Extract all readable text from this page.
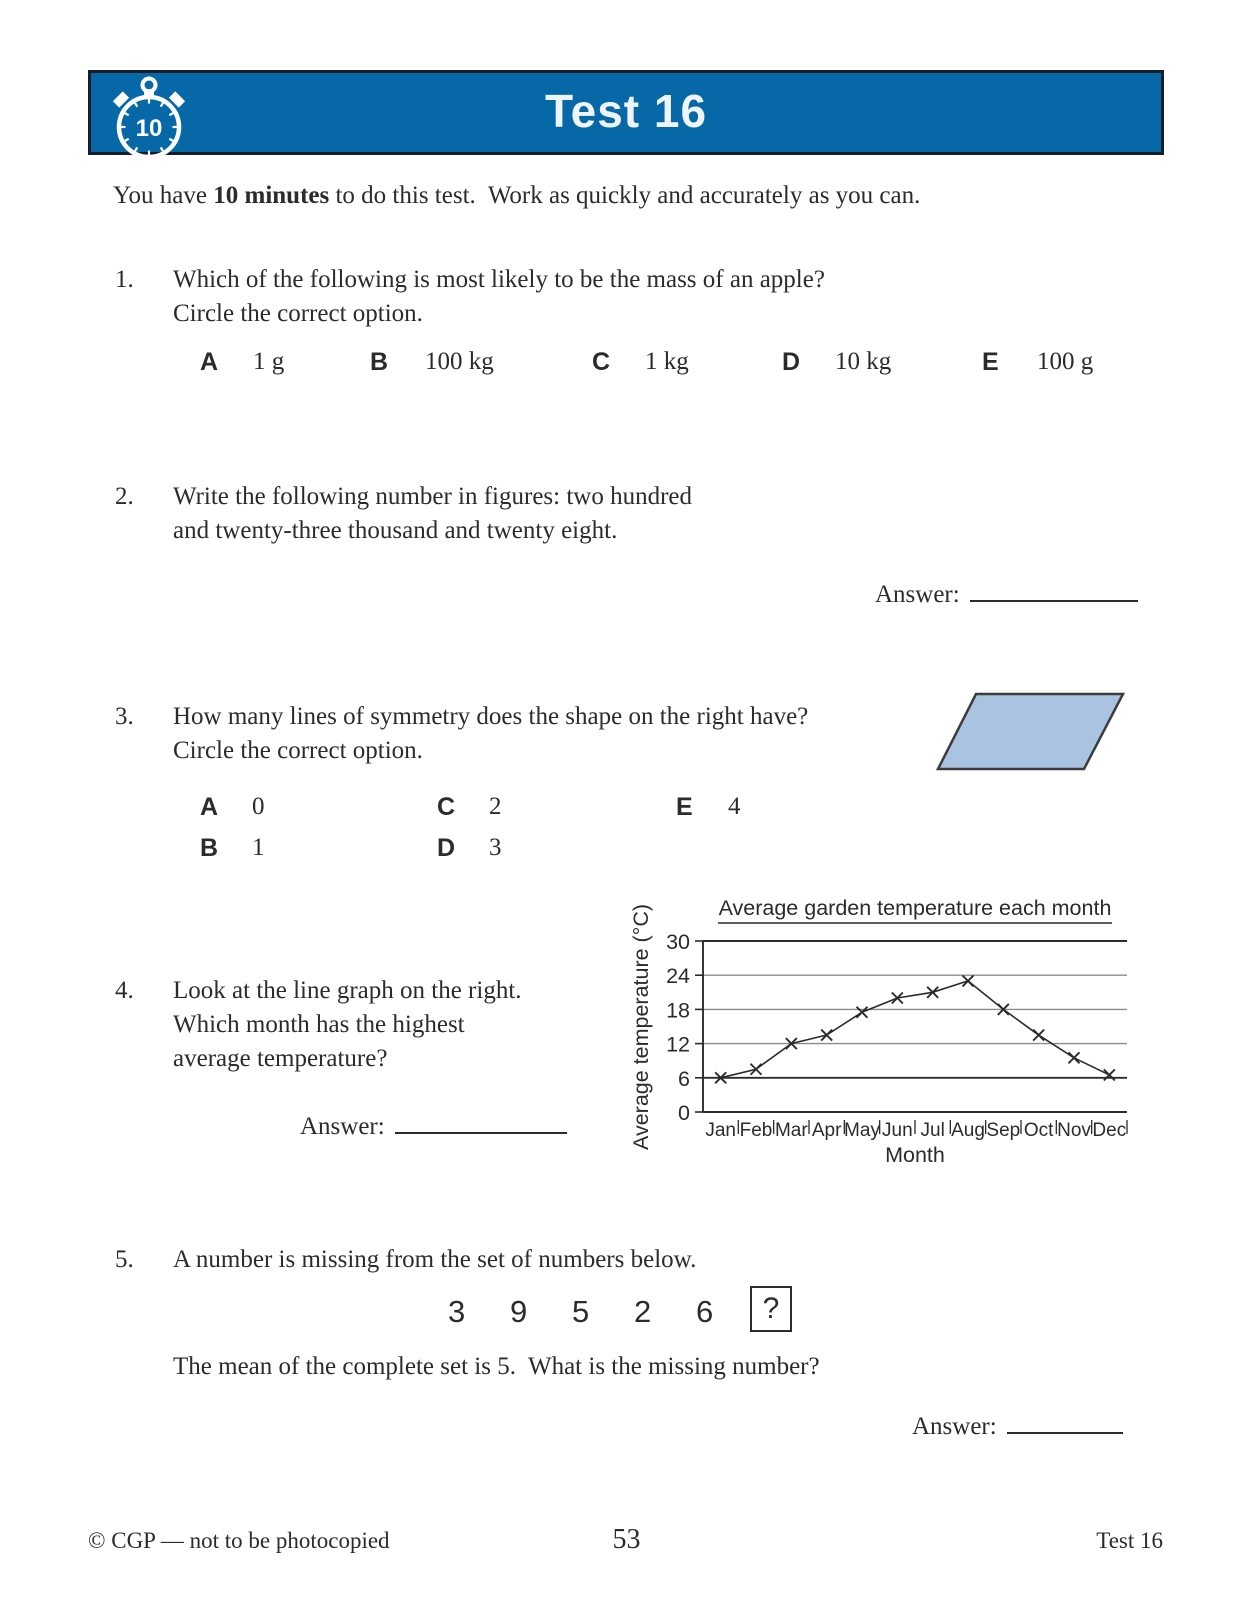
10	Test 16
You have 10 minutes to do this test.  Work as quickly and accurately as you can.
1. Which of the following is most likely to be the mass of an apple?
Circle the correct option.
A 1 g	B 100 kg	C 1 kg	D 10 kg	E 100 g
2. Write the following number in figures: two hundred
and twenty-three thousand and twenty eight.
Answer:
3. How many lines of symmetry does the shape on the right have?
Circle the correct option.
A 0	C 2	E 4
B 1	D 3
Average garden temperature each month
0
6
12
18
24
30
Jan Feb Mar Apr May Jun Jul Aug Sep Oct Nov Dec
Month
Average temperature (°C)
4. Look at the line graph on the right.
Which month has the highest
average temperature?
Answer:
5. A number is missing from the set of numbers below.
3 9 5 2 6	?
The mean of the complete set is 5.  What is the missing number?
Answer:
© CGP — not to be photocopied	53	Test 16
